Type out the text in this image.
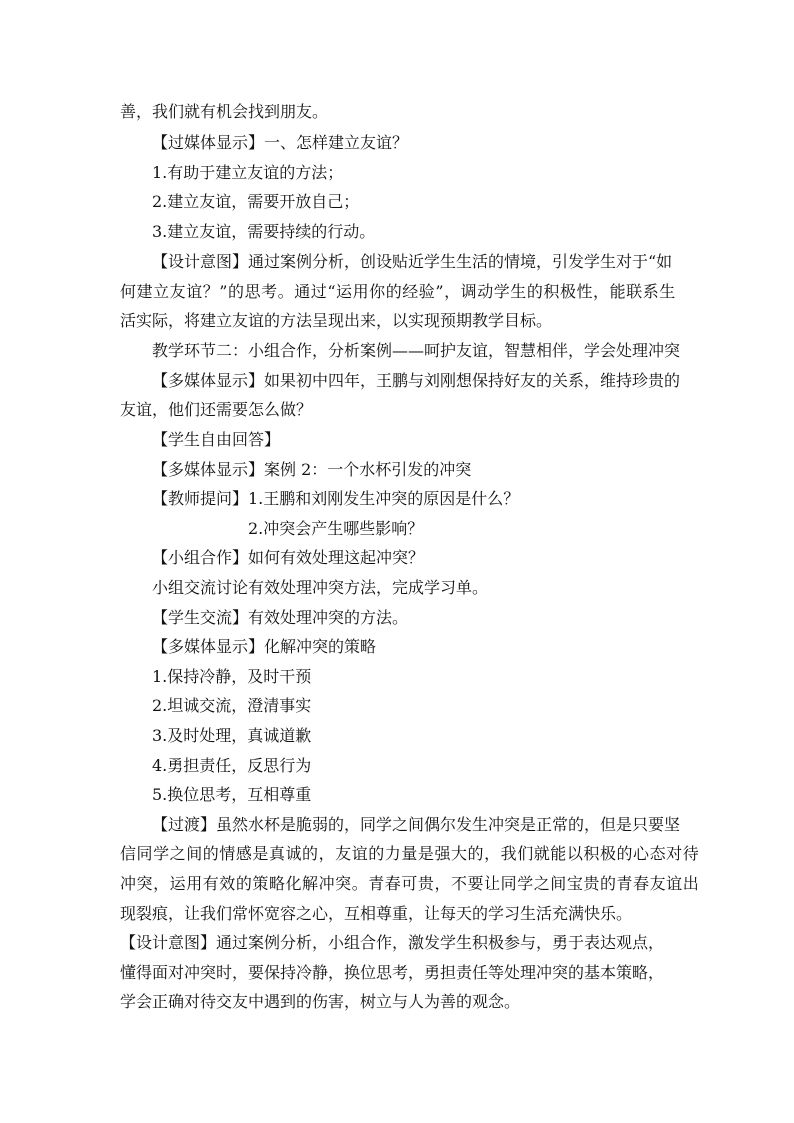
善，我们就有机会找到朋友。
【过媒体显示】一、怎样建立友谊？
1.有助于建立友谊的方法；
2.建立友谊，需要开放自己；
3.建立友谊，需要持续的行动。
【设计意图】通过案例分析，创设贴近学生生活的情境，引发学生对于“如
何建立友谊？”的思考。通过“运用你的经验”，调动学生的积极性，能联系生
活实际，将建立友谊的方法呈现出来，以实现预期教学目标。
教学环节二：小组合作，分析案例——呵护友谊，智慧相伴，学会处理冲突
【多媒体显示】如果初中四年，王鹏与刘刚想保持好友的关系，维持珍贵的
友谊，他们还需要怎么做？
【学生自由回答】
【多媒体显示】案例 2：一个水杯引发的冲突
【教师提问】1.王鹏和刘刚发生冲突的原因是什么？
2.冲突会产生哪些影响？
【小组合作】如何有效处理这起冲突？
小组交流讨论有效处理冲突方法，完成学习单。
【学生交流】有效处理冲突的方法。
【多媒体显示】化解冲突的策略
1.保持冷静，及时干预
2.坦诚交流，澄清事实
3.及时处理，真诚道歉
4.勇担责任，反思行为
5.换位思考，互相尊重
【过渡】虽然水杯是脆弱的，同学之间偶尔发生冲突是正常的，但是只要坚
信同学之间的情感是真诚的，友谊的力量是强大的，我们就能以积极的心态对待
冲突，运用有效的策略化解冲突。青春可贵，不要让同学之间宝贵的青春友谊出
现裂痕，让我们常怀宽容之心，互相尊重，让每天的学习生活充满快乐。
【设计意图】通过案例分析，小组合作，激发学生积极参与，勇于表达观点，
懂得面对冲突时，要保持冷静，换位思考，勇担责任等处理冲突的基本策略，
学会正确对待交友中遇到的伤害，树立与人为善的观念。
